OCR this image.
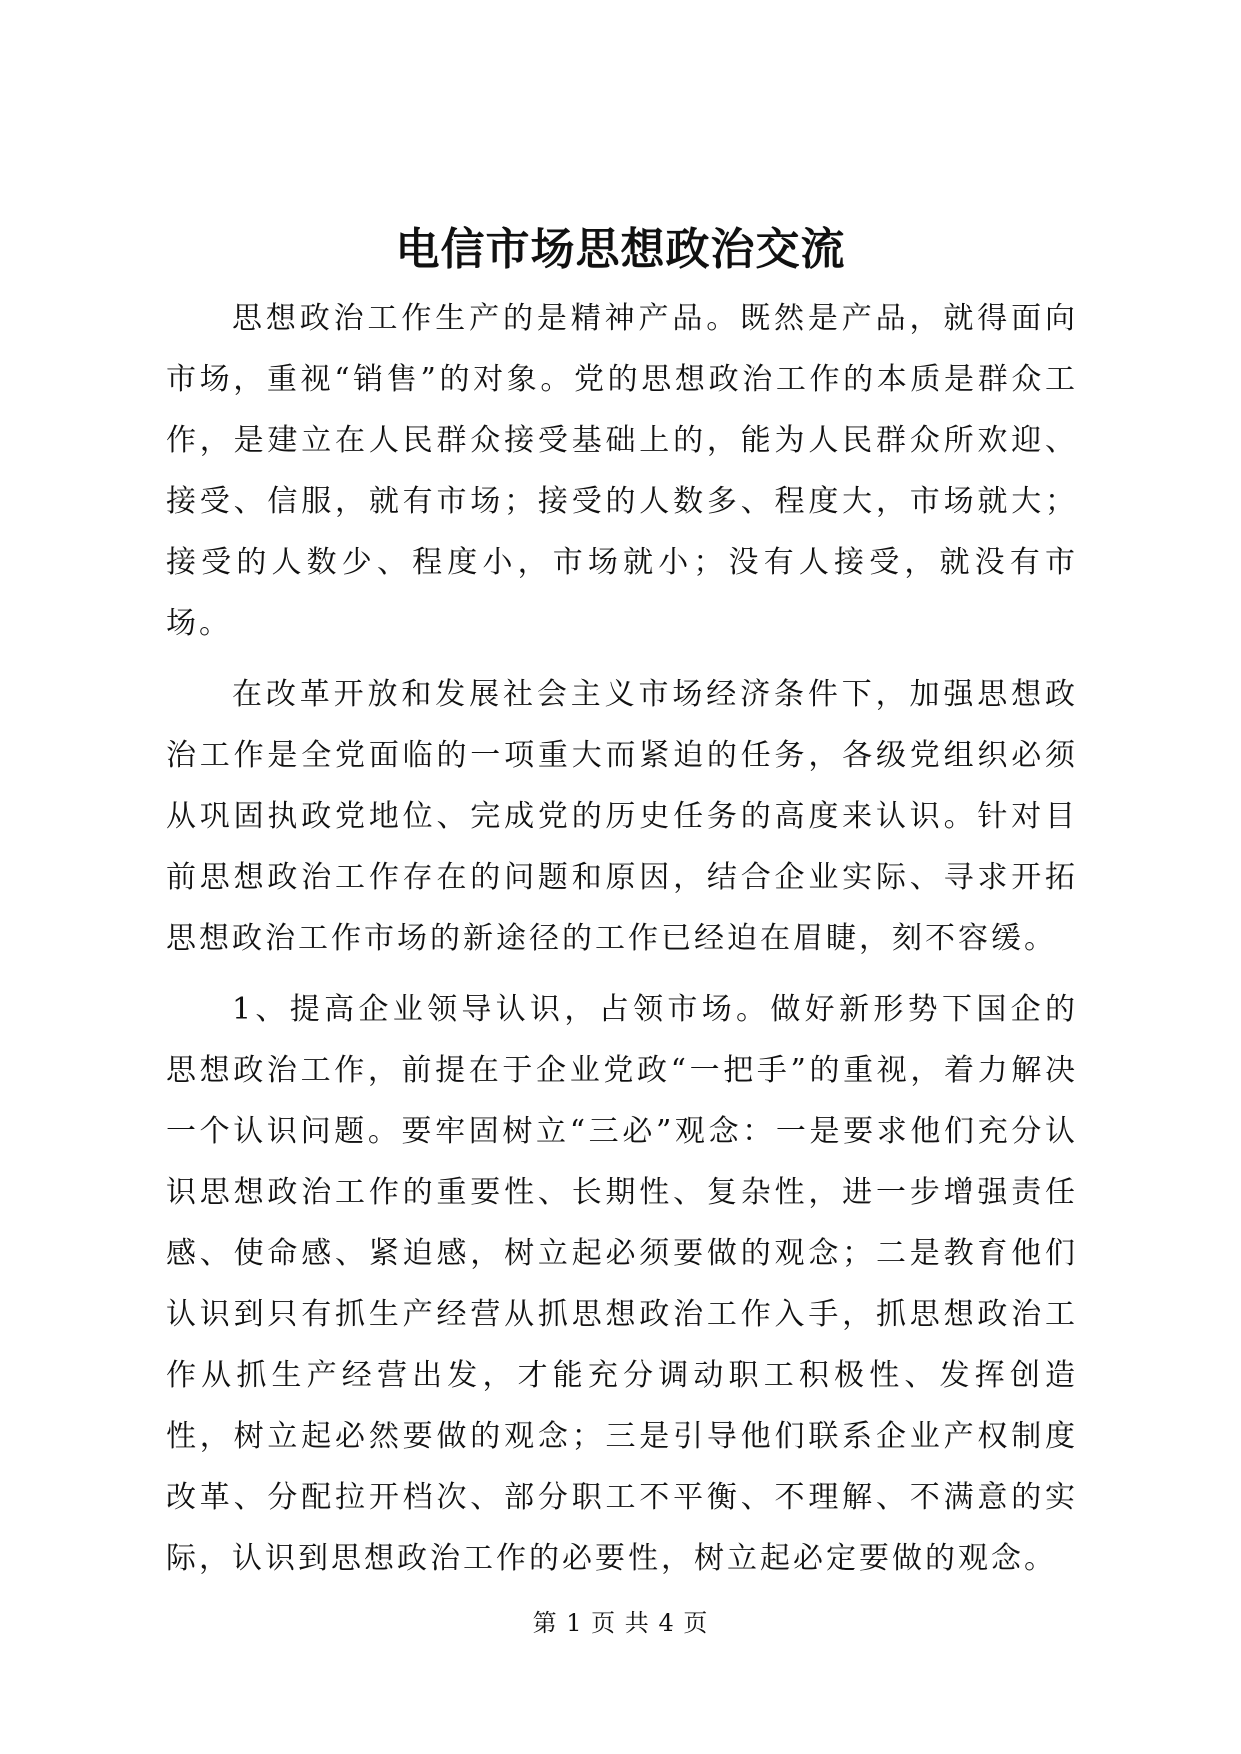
电信市场思想政治交流

思想政治工作生产的是精神产品。既然是产品，就得面向市场，重视“销售”的对象。党的思想政治工作的本质是群众工作，是建立在人民群众接受基础上的，能为人民群众所欢迎、接受、信服，就有市场；接受的人数多、程度大，市场就大；接受的人数少、程度小，市场就小；没有人接受，就没有市场。

在改革开放和发展社会主义市场经济条件下，加强思想政治工作是全党面临的一项重大而紧迫的任务，各级党组织必须从巩固执政党地位、完成党的历史任务的高度来认识。针对目前思想政治工作存在的问题和原因，结合企业实际、寻求开拓思想政治工作市场的新途径的工作已经迫在眉睫，刻不容缓。

1、提高企业领导认识，占领市场。做好新形势下国企的思想政治工作，前提在于企业党政“一把手”的重视，着力解决一个认识问题。要牢固树立“三必”观念：一是要求他们充分认识思想政治工作的重要性、长期性、复杂性，进一步增强责任感、使命感、紧迫感，树立起必须要做的观念；二是教育他们认识到只有抓生产经营从抓思想政治工作入手，抓思想政治工作从抓生产经营出发，才能充分调动职工积极性、发挥创造性，树立起必然要做的观念；三是引导他们联系企业产权制度改革、分配拉开档次、部分职工不平衡、不理解、不满意的实际，认识到思想政治工作的必要性，树立起必定要做的观念。

第 1 页 共 4 页
